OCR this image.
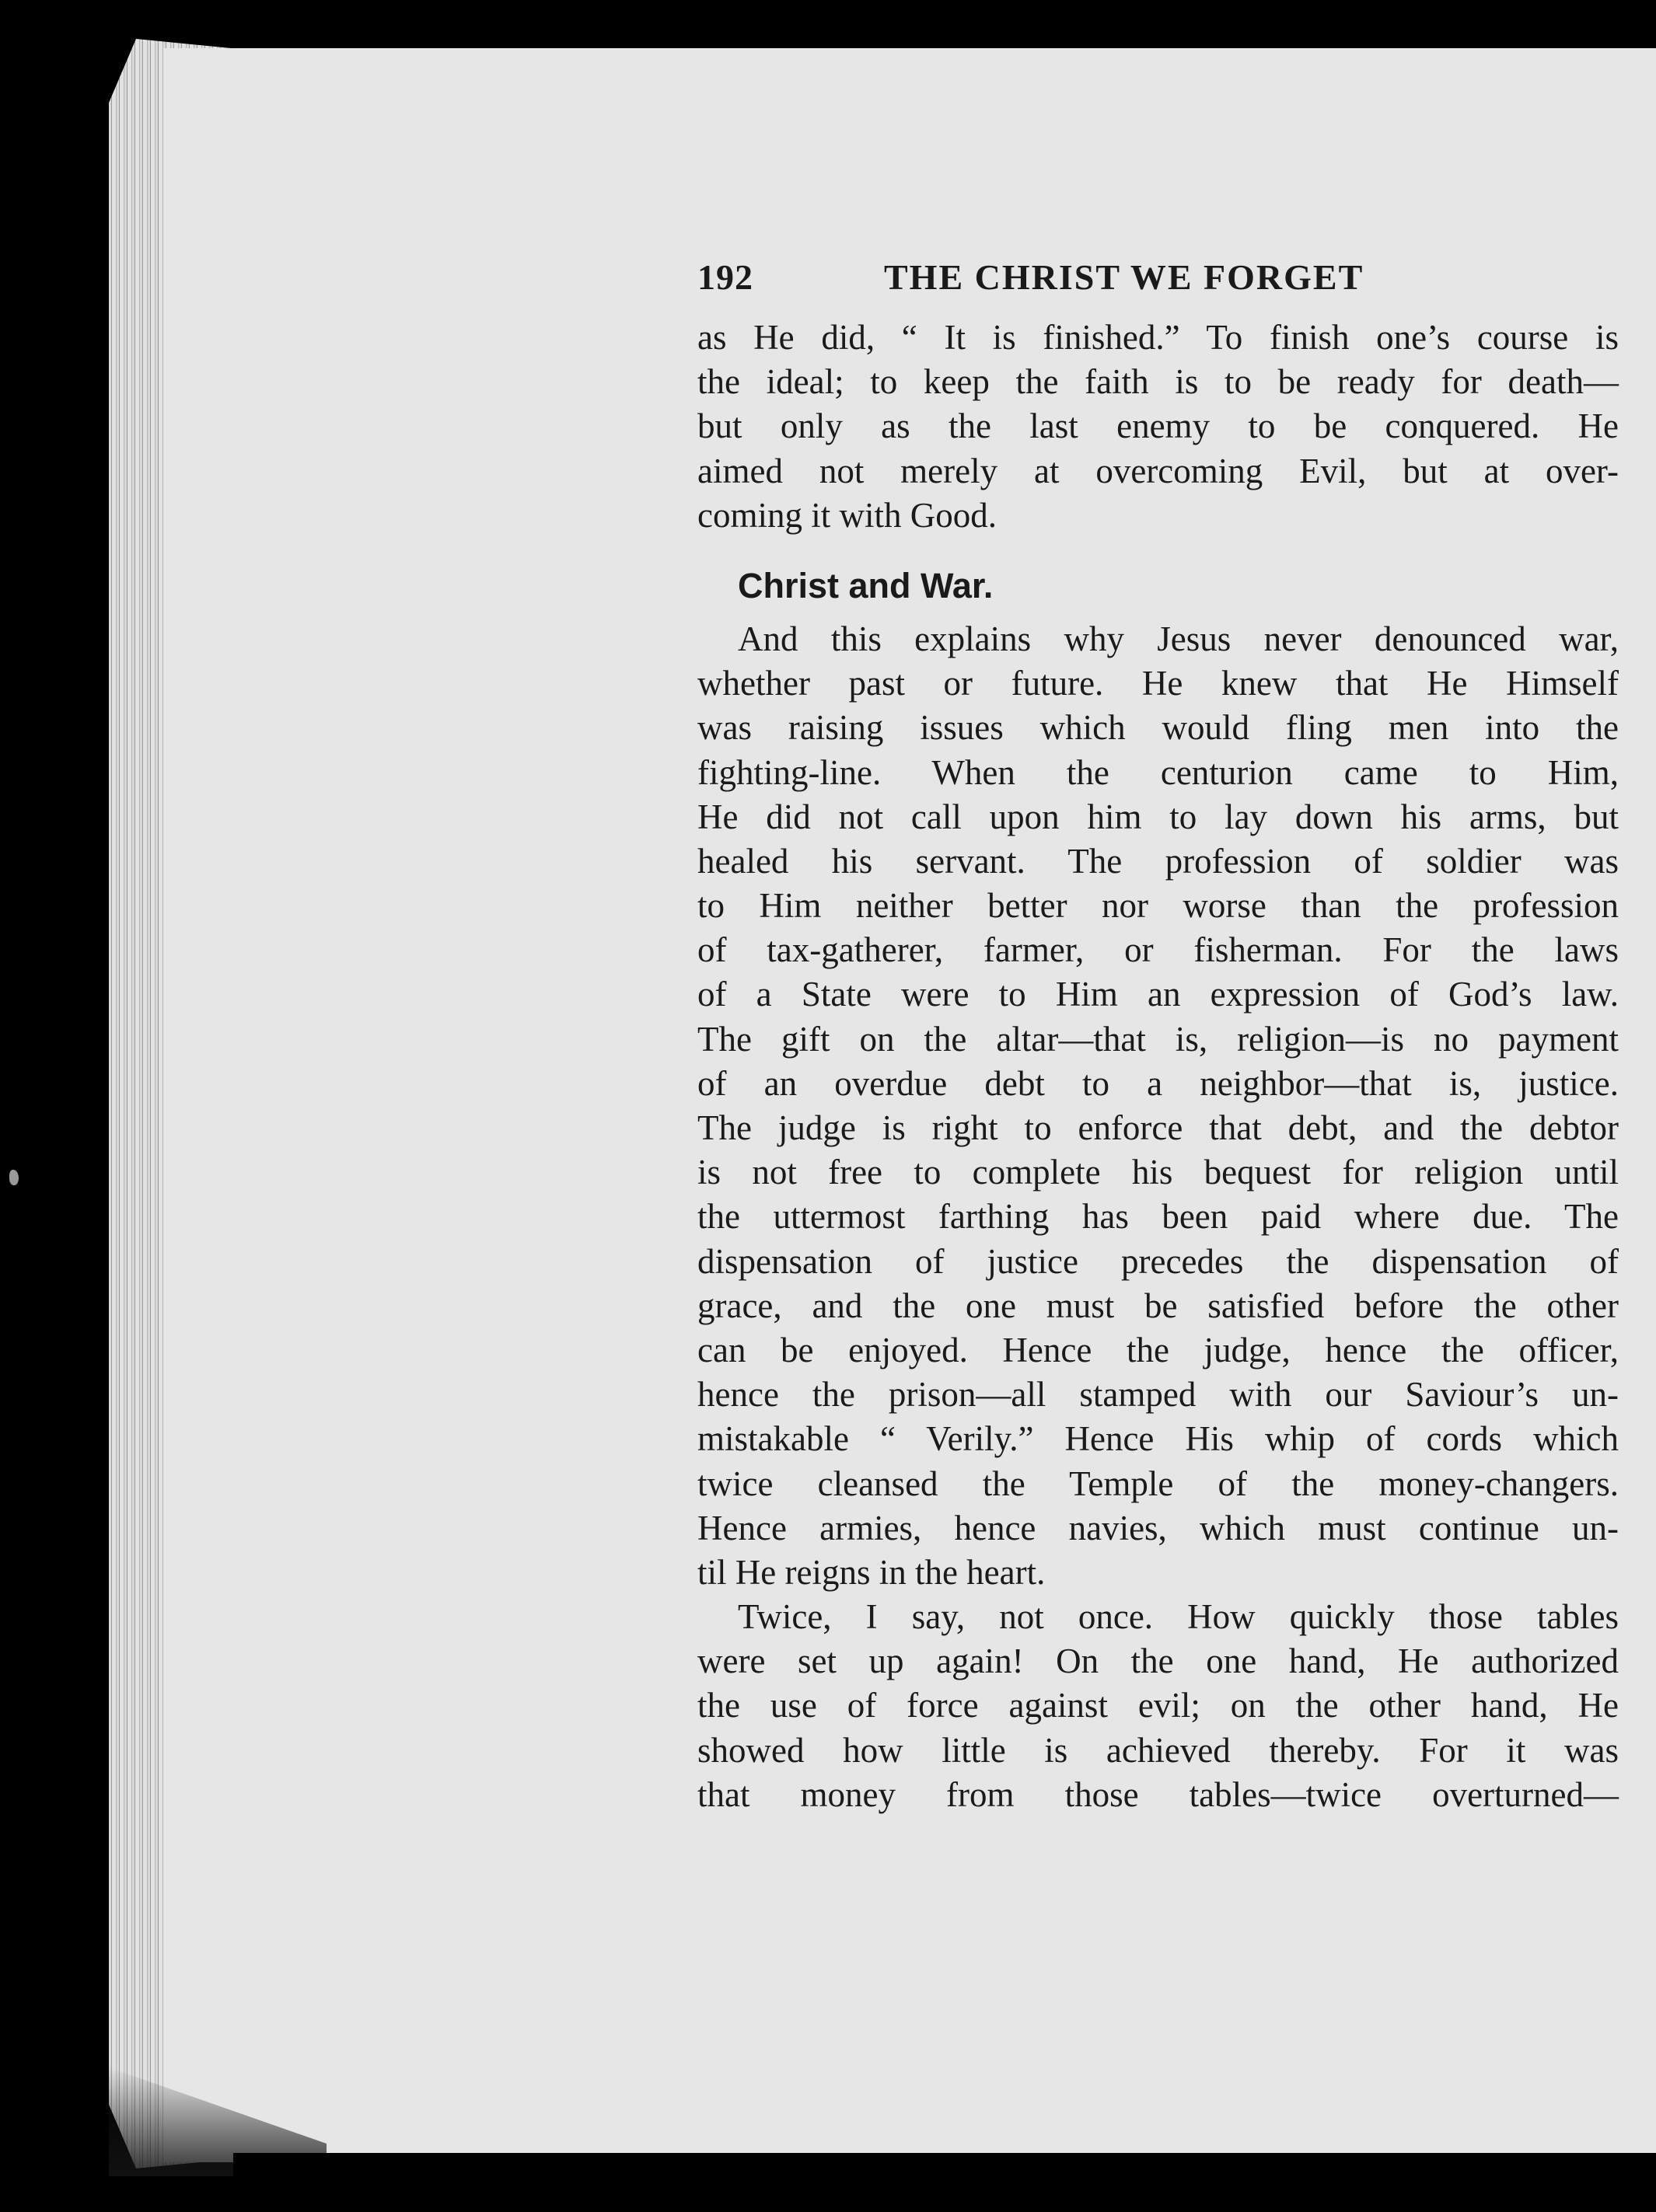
192	THE CHRIST WE FORGET

as He did, “ It is finished.” To finish one’s course is
the ideal; to keep the faith is to be ready for death—
but only as the last enemy to be conquered. He
aimed not merely at overcoming Evil, but at over-
coming it with Good.

Christ and War.

And this explains why Jesus never denounced war,
whether past or future. He knew that He Himself
was raising issues which would fling men into the
fighting-line. When the centurion came to Him,
He did not call upon him to lay down his arms, but
healed his servant. The profession of soldier was
to Him neither better nor worse than the profession
of tax-gatherer, farmer, or fisherman. For the laws
of a State were to Him an expression of God’s law.
The gift on the altar—that is, religion—is no payment
of an overdue debt to a neighbor—that is, justice.
The judge is right to enforce that debt, and the debtor
is not free to complete his bequest for religion until
the uttermost farthing has been paid where due. The
dispensation of justice precedes the dispensation of
grace, and the one must be satisfied before the other
can be enjoyed. Hence the judge, hence the officer,
hence the prison—all stamped with our Saviour’s un-
mistakable “ Verily.” Hence His whip of cords which
twice cleansed the Temple of the money-changers.
Hence armies, hence navies, which must continue un-
til He reigns in the heart.

Twice, I say, not once. How quickly those tables
were set up again! On the one hand, He authorized
the use of force against evil; on the other hand, He
showed how little is achieved thereby. For it was
that money from those tables—twice overturned—
